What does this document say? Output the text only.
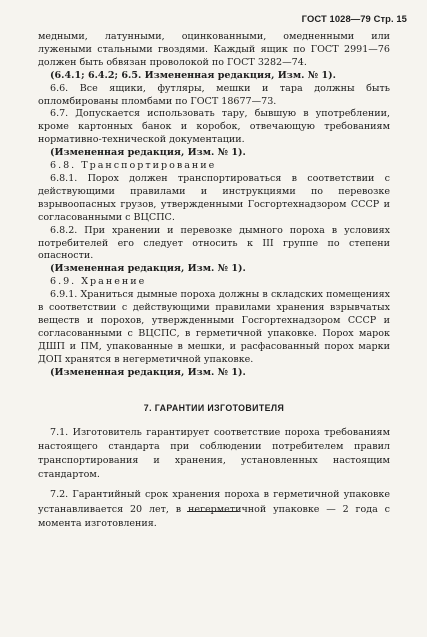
ГОСТ 1028—79 Стр. 15

медными, латунными, оцинкованными, омедненными или лужеными стальными гвоздями. Каждый ящик по ГОСТ 2991—76 должен быть обвязан проволокой по ГОСТ 3282—74.

(6.4.1; 6.4.2; 6.5. Измененная редакция, Изм. № 1).

6.6. Все ящики, футляры, мешки и тара должны быть опломбированы пломбами по ГОСТ 18677—73.

6.7. Допускается использовать тару, бывшую в употреблении, кроме картонных банок и коробок, отвечающую требованиям нормативно-технической документации.

(Измененная редакция, Изм. № 1).

6.8. Транспортирование

6.8.1. Порох должен транспортироваться в соответствии с действующими правилами и инструкциями по перевозке взрывоопасных грузов, утвержденными Госгортехнадзором СССР и согласованными с ВЦСПС.

6.8.2. При хранении и перевозке дымного пороха в условиях потребителей его следует относить к III группе по степени опасности.

(Измененная редакция, Изм. № 1).

6.9. Хранение

6.9.1. Храниться дымные пороха должны в складских помещениях в соответствии с действующими правилами хранения взрывчатых веществ и порохов, утвержденными Госгортехнадзором СССР и согласованными с ВЦСПС, в герметичной упаковке. Порох марок ДШП и ПМ, упакованные в мешки, и расфасованный порох марки ДОП хранятся в негерметичной упаковке.

(Измененная редакция, Изм. № 1).

7. ГАРАНТИИ ИЗГОТОВИТЕЛЯ

7.1. Изготовитель гарантирует соответствие пороха требованиям настоящего стандарта при соблюдении потребителем правил транспортирования и хранения, установленных настоящим стандартом.

7.2. Гарантийный срок хранения пороха в герметичной упаковке устанавливается 20 лет, в негерметичной упаковке — 2 года с момента изготовления.
